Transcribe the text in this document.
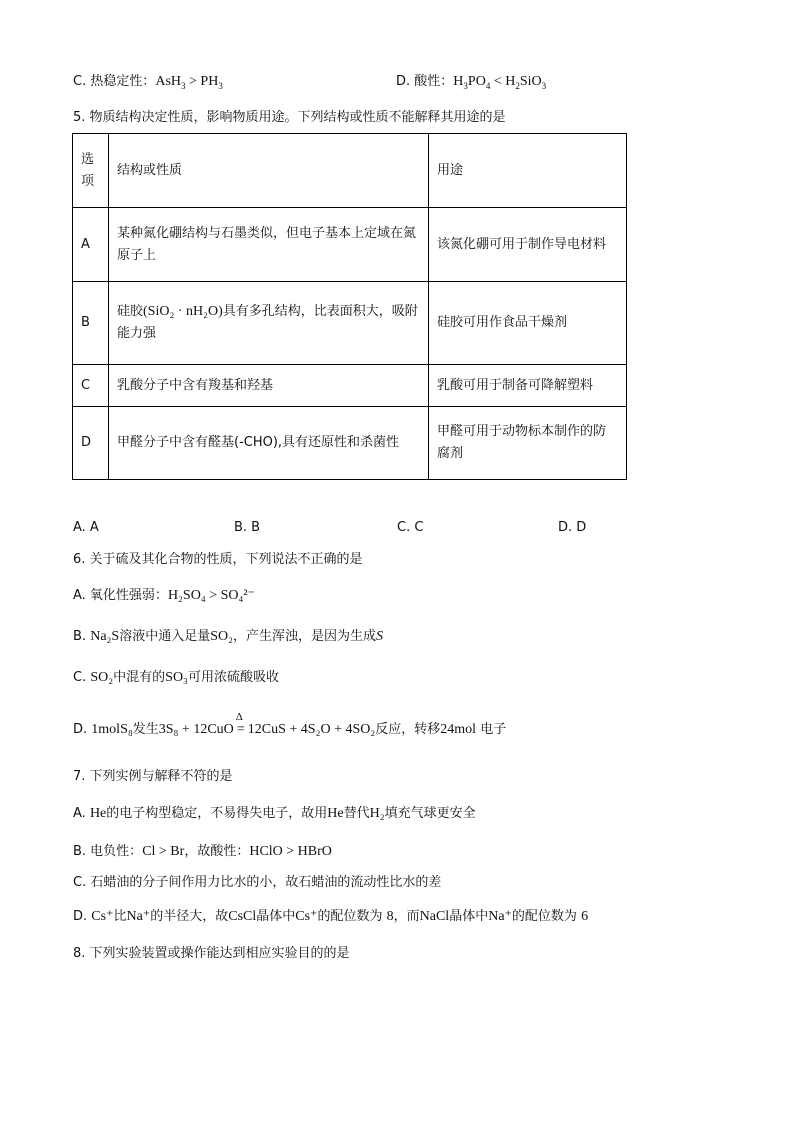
C. 热稳定性：$AsH_3 > PH_3$	D. 酸性：$H_3PO_4 < H_2SiO_3$
5. 物质结构决定性质，影响物质用途。下列结构或性质不能解释其用途的是
选项	结构或性质	用途
A	某种氮化硼结构与石墨类似，但电子基本上定域在氮原子上	该氮化硼可用于制作导电材料
B	硅胶(SiO₂ · nH₂O)具有多孔结构，比表面积大，吸附能力强	硅胶可用作食品干燥剂
C	乳酸分子中含有羧基和羟基	乳酸可用于制备可降解塑料
D	甲醛分子中含有醛基(-CHO),具有还原性和杀菌性	甲醛可用于动物标本制作的防腐剂
A. A	B. B	C. C	D. D
6. 关于硫及其化合物的性质，下列说法不正确的是
A. 氧化性强弱：H₂SO₄ > SO₄²⁻
B. Na₂S溶液中通入足量SO₂，产生浑浊，是因为生成S
C. SO₂中混有的SO₃可用浓硫酸吸收
D. 1molS₈发生3S₈ + 12CuO
Δ
= 12CuS + 4S₂O + 4SO₂反应，转移24mol 电子
7. 下列实例与解释不符的是
A. He的电子构型稳定，不易得失电子，故用He替代H₂填充气球更安全
B. 电负性：Cl > Br，故酸性：HClO > HBrO
C. 石蜡油的分子间作用力比水的小，故石蜡油的流动性比水的差
D. Cs⁺比Na⁺的半径大，故CsCl晶体中Cs⁺的配位数为 8，而NaCl晶体中Na⁺的配位数为 6
8. 下列实验装置或操作能达到相应实验目的的是
